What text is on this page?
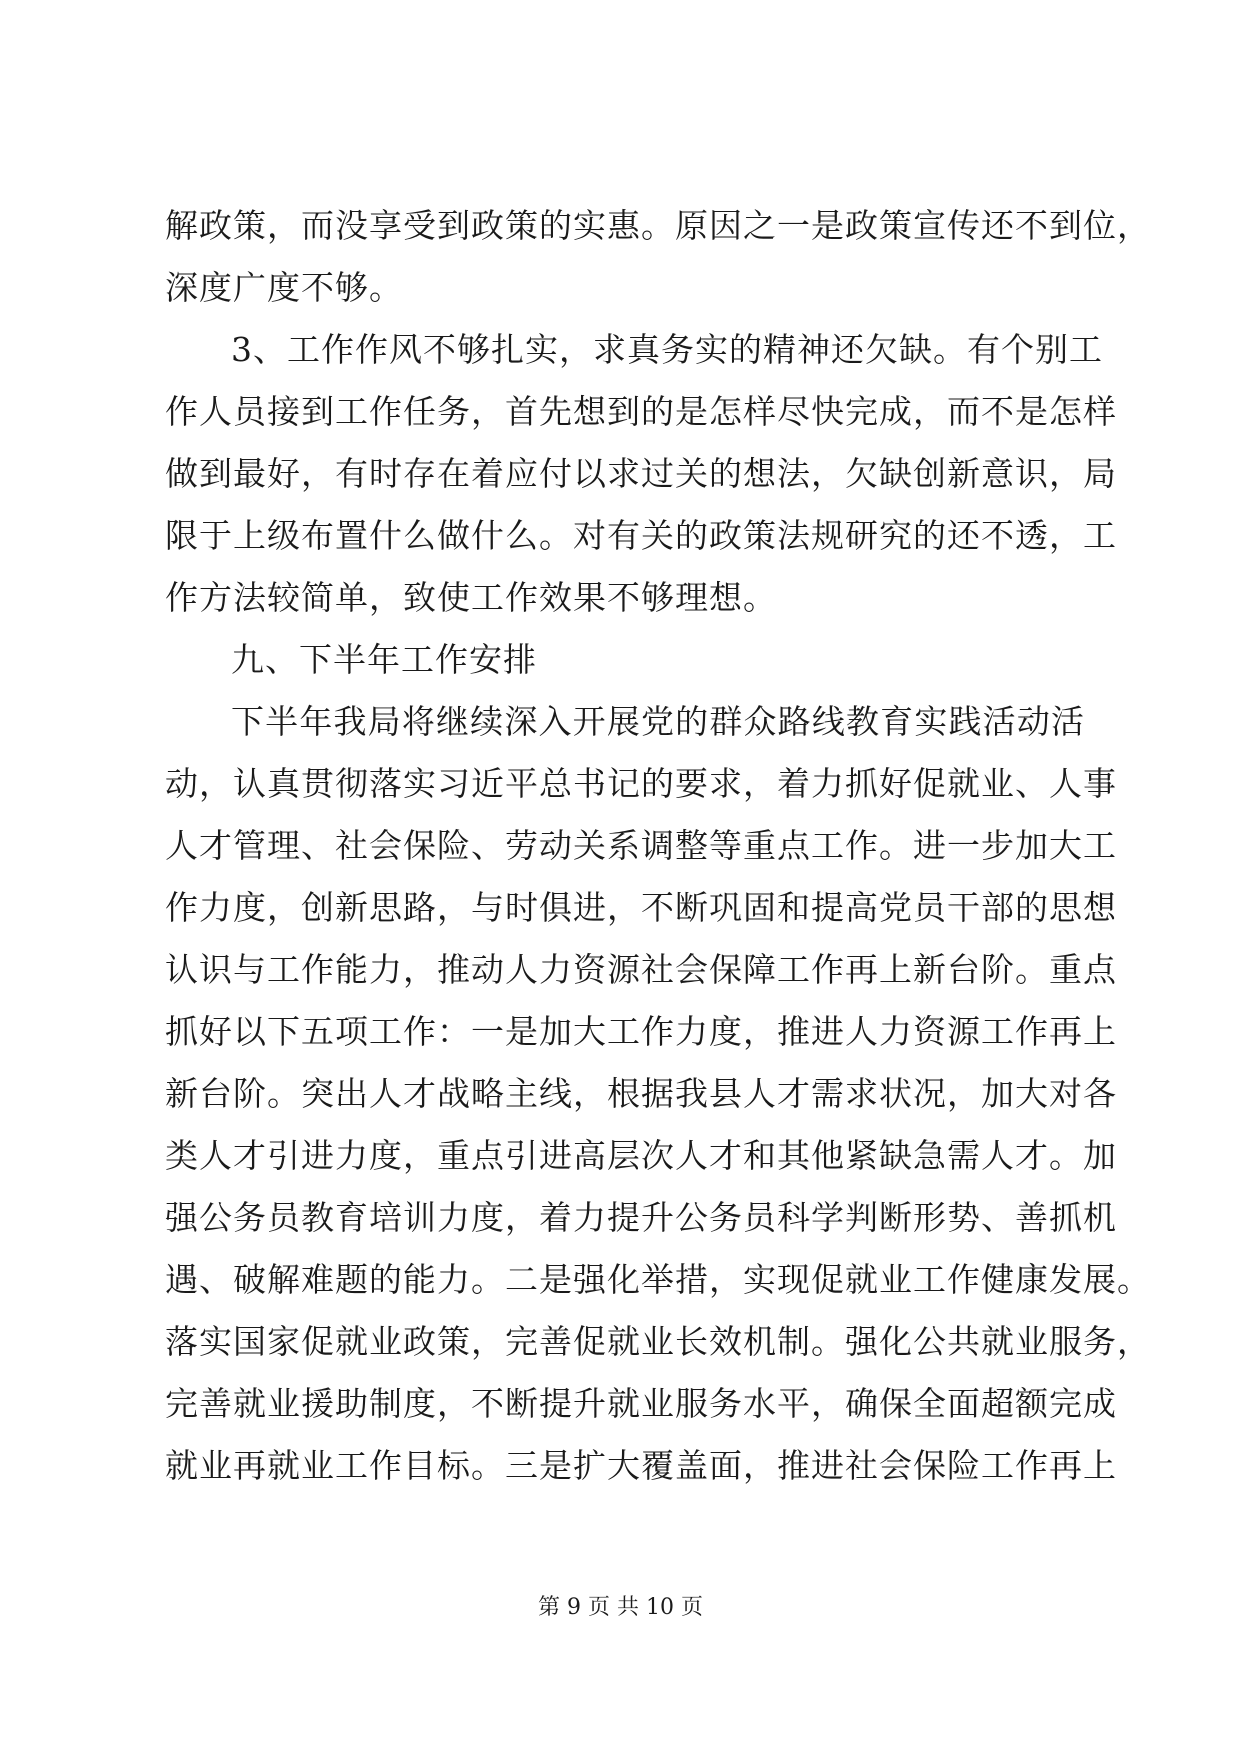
解政策，而没享受到政策的实惠。原因之一是政策宣传还不到位，
深度广度不够。
3、工作作风不够扎实，求真务实的精神还欠缺。有个别工
作人员接到工作任务，首先想到的是怎样尽快完成，而不是怎样
做到最好，有时存在着应付以求过关的想法，欠缺创新意识，局
限于上级布置什么做什么。对有关的政策法规研究的还不透，工
作方法较简单，致使工作效果不够理想。
九、下半年工作安排
下半年我局将继续深入开展党的群众路线教育实践活动活
动，认真贯彻落实习近平总书记的要求，着力抓好促就业、人事
人才管理、社会保险、劳动关系调整等重点工作。进一步加大工
作力度，创新思路，与时俱进，不断巩固和提高党员干部的思想
认识与工作能力，推动人力资源社会保障工作再上新台阶。重点
抓好以下五项工作：一是加大工作力度，推进人力资源工作再上
新台阶。突出人才战略主线，根据我县人才需求状况，加大对各
类人才引进力度，重点引进高层次人才和其他紧缺急需人才。加
强公务员教育培训力度，着力提升公务员科学判断形势、善抓机
遇、破解难题的能力。二是强化举措，实现促就业工作健康发展。
落实国家促就业政策，完善促就业长效机制。强化公共就业服务，
完善就业援助制度，不断提升就业服务水平，确保全面超额完成
就业再就业工作目标。三是扩大覆盖面，推进社会保险工作再上
第 9 页 共 10 页
